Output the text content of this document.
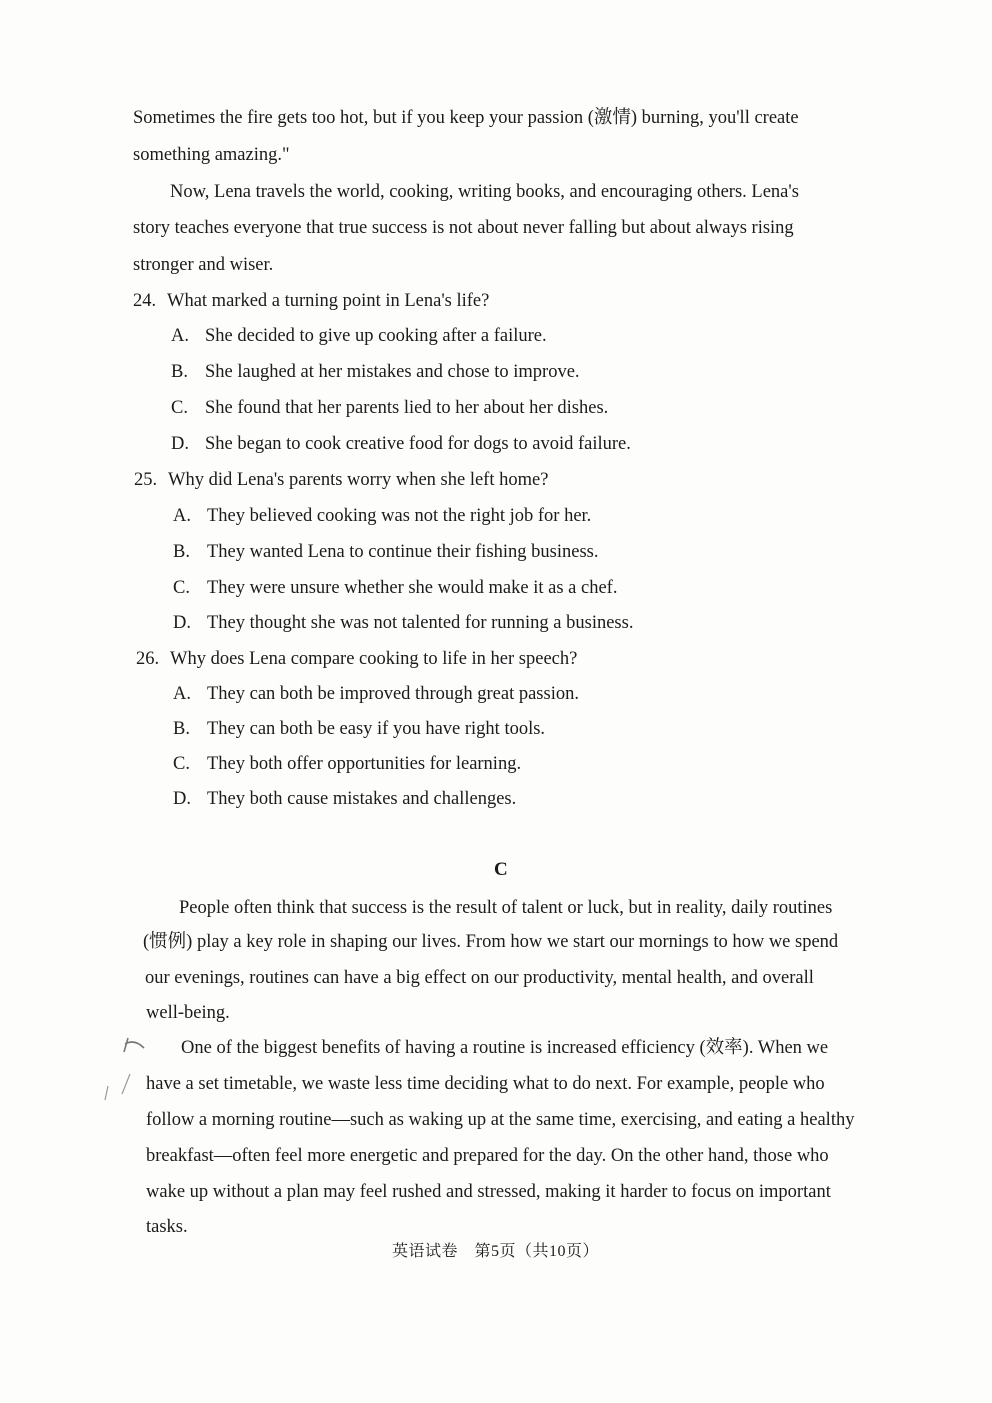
Sometimes the fire gets too hot, but if you keep your passion (激情) burning, you'll create
something amazing."
Now, Lena travels the world, cooking, writing books, and encouraging others. Lena's
story teaches everyone that true success is not about never falling but about always rising
stronger and wiser.
24. What marked a turning point in Lena's life?
A. She decided to give up cooking after a failure.
B. She laughed at her mistakes and chose to improve.
C. She found that her parents lied to her about her dishes.
D. She began to cook creative food for dogs to avoid failure.
25. Why did Lena's parents worry when she left home?
A. They believed cooking was not the right job for her.
B. They wanted Lena to continue their fishing business.
C. They were unsure whether she would make it as a chef.
D. They thought she was not talented for running a business.
26. Why does Lena compare cooking to life in her speech?
A. They can both be improved through great passion.
B. They can both be easy if you have right tools.
C. They both offer opportunities for learning.
D. They both cause mistakes and challenges.
C
People often think that success is the result of talent or luck, but in reality, daily routines
(惯例) play a key role in shaping our lives. From how we start our mornings to how we spend
our evenings, routines can have a big effect on our productivity, mental health, and overall
well-being.
One of the biggest benefits of having a routine is increased efficiency (效率). When we
have a set timetable, we waste less time deciding what to do next. For example, people who
follow a morning routine—such as waking up at the same time, exercising, and eating a healthy
breakfast—often feel more energetic and prepared for the day. On the other hand, those who
wake up without a plan may feel rushed and stressed, making it harder to focus on important
tasks.
英语试卷　第5页（共10页）
